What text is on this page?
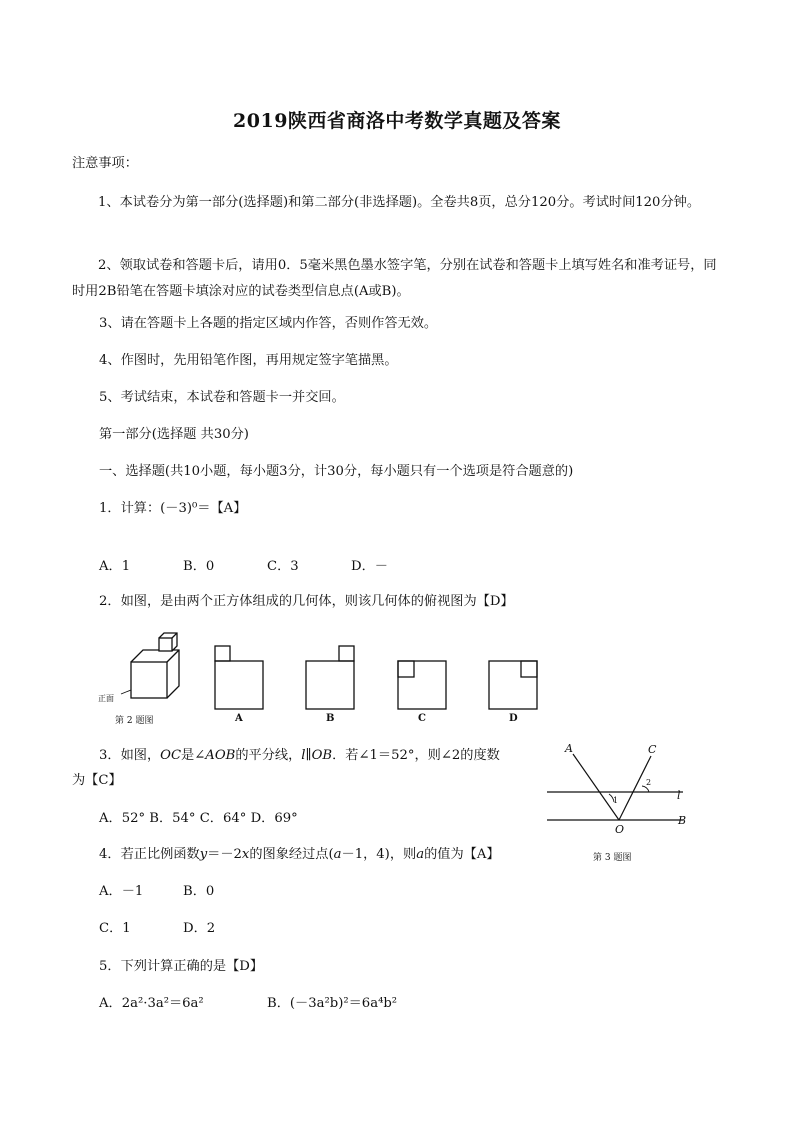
2019陕西省商洛中考数学真题及答案
注意事项：
1、本试卷分为第一部分(选择题)和第二部分(非选择题)。全卷共8页，总分120分。考试时间120分钟。
2、领取试卷和答题卡后，请用0．5毫米黑色墨水签字笔，分别在试卷和答题卡上填写姓名和准考证号，同时用2B铅笔在答题卡填涂对应的试卷类型信息点(A或B)。
3、请在答题卡上各题的指定区域内作答，否则作答无效。
4、作图时，先用铅笔作图，再用规定签字笔描黑。
5、考试结束，本试卷和答题卡一并交回。
第一部分(选择题 共30分)
一、选择题(共10小题，每小题3分，计30分，每小题只有一个选项是符合题意的)
1．计算：(－3)⁰＝【A】
A．1	B．0	C．3	D．－
2．如图，是由两个正方体组成的几何体，则该几何体的俯视图为【D】
正面
第 2 题图	A	B	C	D
3．如图，OC是∠AOB的平分线，l∥OB．若∠1＝52°，则∠2的度数
为【C】
A．52° B．54° C．64° D．69°
A	C
l
O
B
1
2
第 3 题图
4．若正比例函数y＝－2x的图象经过点(a－1，4)，则a的值为【A】
A．－1	B．0
C．1	D．2
5．下列计算正确的是【D】
A．2a²·3a²＝6a²	B．(－3a²b)²＝6a⁴b²
